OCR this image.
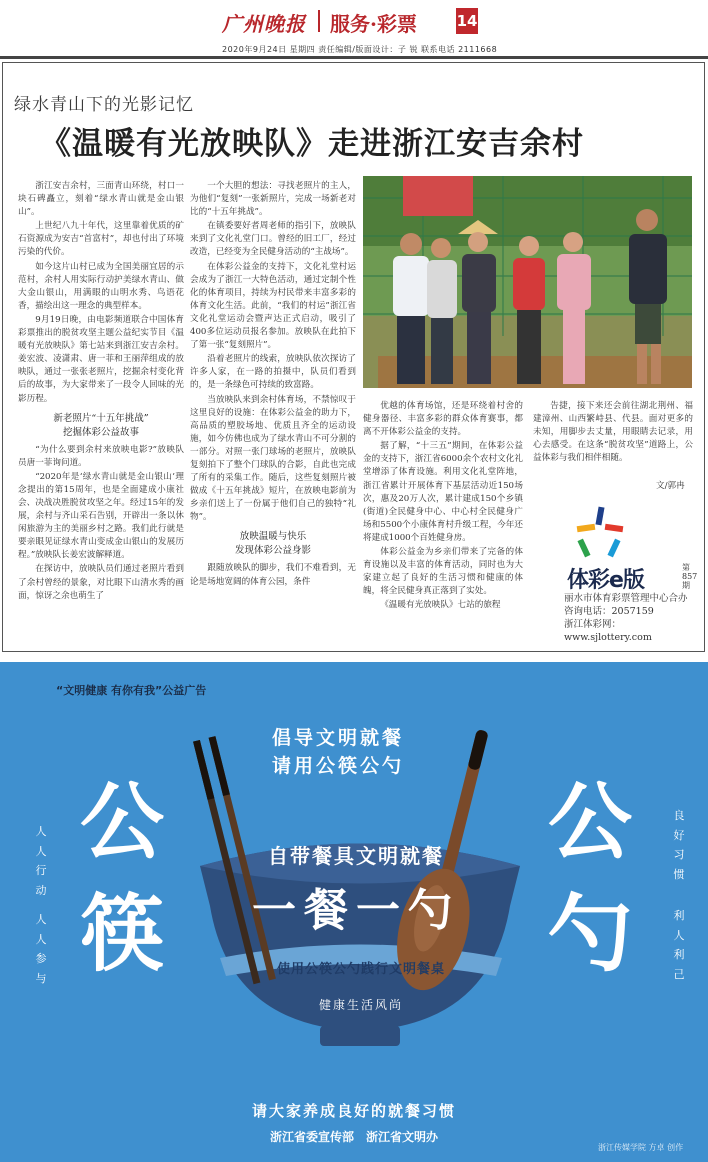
广州晚报 服务·彩票	14
2020年9月24日 星期四 责任编辑/版面设计：子 锐 联系电话 2111668
绿水青山下的光影记忆
《温暖有光放映队》走进浙江安吉余村

浙江安吉余村，三面青山环绕，村口一块石碑矗立，刻着“绿水青山就是金山银山”。

上世纪八九十年代，这里靠着优质的矿石资源成为安吉“首富村”，却也付出了环境污染的代价。

如今这片山村已成为全国美丽宜居的示范村，余村人用实际行动护美绿水青山、做大金山银山，用满眼的山明水秀、鸟语花香，描绘出这一理念的典型样本。

9月19日晚，由电影频道联合中国体育彩票推出的脱贫攻坚主题公益纪实节目《温暖有光放映队》第七站来到浙江安吉余村。姜宏波、凌潇肃、唐一菲和王丽萍组成的放映队，通过一张张老照片，挖掘余村变化背后的故事，为大家带来了一段令人回味的光影历程。

新老照片“十五年挑战”
挖掘体彩公益故事

“为什么要到余村来放映电影?”放映队员唐一菲询问道。

“2020年是‘绿水青山就是金山银山’理念提出的第15周年，也是全面建成小康社会、决战决胜脱贫攻坚之年。经过15年的发展，余村与齐山采石告别，开辟出一条以休闲旅游为主的美丽乡村之路。我们此行就是要亲眼见证绿水青山变成金山银山的发展历程。”放映队长姜宏波解释道。

在探访中，放映队员们通过老照片看到了余村曾经的景象，对比眼下山清水秀的画面，惊讶之余也萌生了

一个大胆的想法：寻找老照片的主人，为他们“复刻”一张新照片，完成一场新老对比的“十五年挑战”。

在镇委要好者周老师的指引下，放映队来到了文化礼堂门口。曾经的旧工厂，经过改造，已经变为全民健身活动的“主战场”。

在体彩公益金的支持下，文化礼堂村运会成为了浙江一大特色活动，通过定制个性化的体育项目，持续为村民带来丰富多彩的体育文化生活。此前，“我们的村运”浙江省文化礼堂运动会暨声达正式启动，吸引了400多位运动员报名参加。放映队在此拍下了第一张“复刻照片”。

沿着老照片的线索，放映队依次探访了许多人家，在一路的拍摄中，队员们看到的，是一条绿色可持续的致富路。

当放映队来到余村体育场，不禁惊叹于这里良好的设施：在体彩公益金的助力下，高品质的塑胶场地、优质且齐全的运动设施，如今仿佛也成为了绿水青山不可分割的一部分。对照一张门球场的老照片，放映队复刻拍下了整个门球队的合影，自此也完成了所有的采集工作。随后，这些复刻照片被做成《十五年挑战》短片，在放映电影前为乡亲们送上了一份属于他们自己的独特“礼物”。

放映温暖与快乐
发现体彩公益身影

跟随放映队的脚步，我们不难看到，无论是场地宽阔的体育公园，条件

优越的体育场馆，还是环绕着村舍的健身器径、丰富多彩的群众体育赛事，都离不开体彩公益金的支持。

据了解，“十三五”期间，在体彩公益金的支持下，浙江省6000余个农村文化礼堂增添了体育设施。利用文化礼堂阵地，浙江省累计开展体育下基层活动近150场次，惠及20万人次，累计建成150个乡镇(街道)全民健身中心、中心村全民健身广场和5500个小康体育村升级工程，今年还将建成1000个百姓健身房。

体彩公益金为乡亲们带来了完备的体育设施以及丰富的体育活动，同时也为大家建立起了良好的生活习惯和健康的体魄，将全民健身真正落到了实处。

《温暖有光放映队》七站的旅程

告捷，接下来还会前往湖北荆州、福建漳州、山西繁峙县、代县。面对更多的未知，用脚步去丈量，用眼睛去记录，用心去感受。在这条“脱贫攻坚”道路上，公益体彩与我们相伴相随。

文/郭冉
体彩e版
第857期
丽水市体育彩票管理中心合办
咨询电话：2057159
浙江体彩网：www.sjlottery.com
“文明健康 有你有我”公益广告
倡导文明就餐
请用公筷公勺
公
筷
公
勺
人人行动
人人参与
良好习惯
利人利己
自带餐具文明就餐
一餐一勺
使用公筷公勺践行文明餐桌
健康生活风尚
请大家养成良好的就餐习惯
浙江省委宣传部　浙江省文明办
浙江传媒学院 方卓 创作
